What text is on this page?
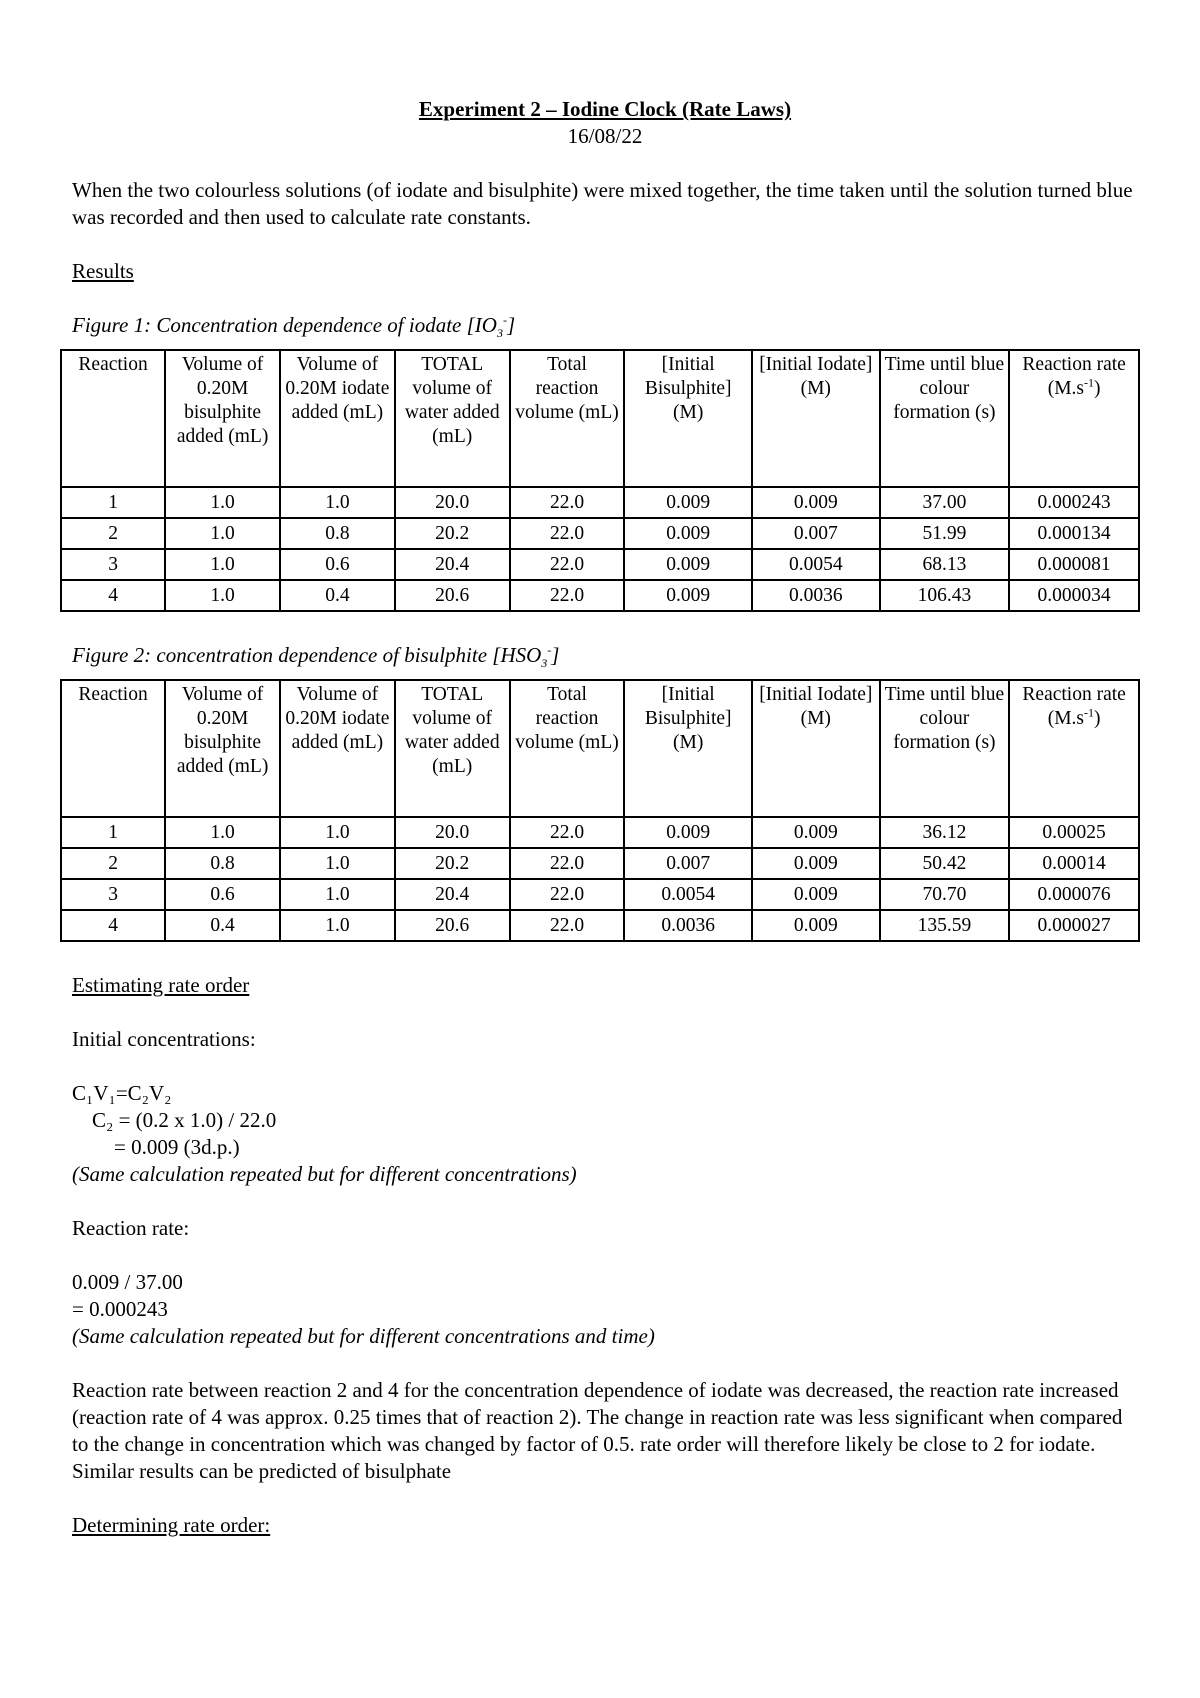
Experiment 2 – Iodine Clock (Rate Laws)
16/08/22

When the two colourless solutions (of iodate and bisulphite) were mixed together, the time taken until the solution turned blue was recorded and then used to calculate rate constants.

Results

Figure 1: Concentration dependence of iodate $[IO_3^-]$

Reaction	Volume of 0.20M bisulphite added (mL)	Volume of 0.20M iodate added (mL)	TOTAL volume of water added (mL)	Total reaction volume (mL)	[Initial Bisulphite] (M)	[Initial Iodate] (M)	Time until blue colour formation (s)	Reaction rate $(M.s^{-1})$
1	1.0	1.0	20.0	22.0	0.009	0.009	37.00	0.000243
2	1.0	0.8	20.2	22.0	0.009	0.007	51.99	0.000134
3	1.0	0.6	20.4	22.0	0.009	0.0054	68.13	0.000081
4	1.0	0.4	20.6	22.0	0.009	0.0036	106.43	0.000034

Figure 2: concentration dependence of bisulphite $[HSO_3^-]$

Reaction	Volume of 0.20M bisulphite added (mL)	Volume of 0.20M iodate added (mL)	TOTAL volume of water added (mL)	Total reaction volume (mL)	[Initial Bisulphite] (M)	[Initial Iodate] (M)	Time until blue colour formation (s)	Reaction rate $(M.s^{-1})$
1	1.0	1.0	20.0	22.0	0.009	0.009	36.12	0.00025
2	0.8	1.0	20.2	22.0	0.007	0.009	50.42	0.00014
3	0.6	1.0	20.4	22.0	0.0054	0.009	70.70	0.000076
4	0.4	1.0	20.6	22.0	0.0036	0.009	135.59	0.000027

Estimating rate order

Initial concentrations:

C₁V₁=C₂V₂

C₂ = (0.2 x 1.0) / 22.0

= 0.009 (3d.p.)

(Same calculation repeated but for different concentrations)

Reaction rate:

0.009 / 37.00

= 0.000243

(Same calculation repeated but for different concentrations and time)

Reaction rate between reaction 2 and 4 for the concentration dependence of iodate was decreased, the reaction rate increased (reaction rate of 4 was approx. 0.25 times that of reaction 2). The change in reaction rate was less significant when compared to the change in concentration which was changed by factor of 0.5. rate order will therefore likely be close to 2 for iodate. Similar results can be predicted of bisulphate

Determining rate order:
